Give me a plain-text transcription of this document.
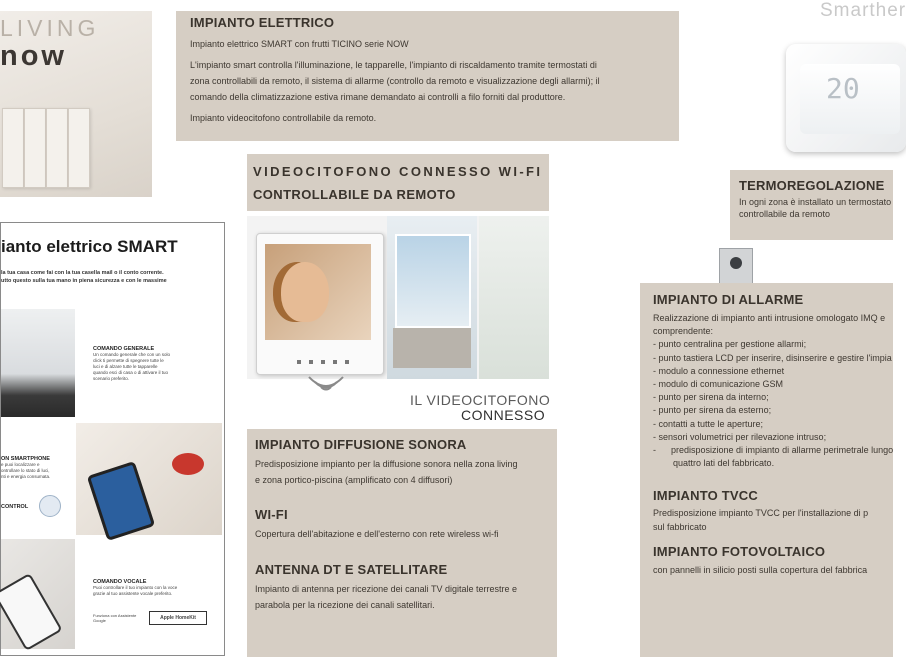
LIVING
now
IMPIANTO ELETTRICO

Impianto elettrico SMART con frutti TICINO serie NOW

L'impianto smart controlla l'illuminazione, le tapparelle, l'impianto di riscaldamento tramite termostati di

zona controllabili da remoto, il sistema di allarme (controllo da remoto e visualizzazione degli allarmi); il

comando della climatizzazione estiva rimane demandato ai controlli a filo forniti dal produttore.

Impianto videocitofono controllabile da remoto.

Smarther
20
TERMOREGOLAZIONE

In ogni zona è installato un termostato

controllabile da remoto

VIDEOCITOFONO CONNESSO WI-FI
CONTROLLABILE DA REMOTO
IL VIDEOCITOFONO
CONNESSO
ianto elettrico SMART
la tua casa come fai con la tua casella mail o il conto corrente.
utto questo sulla tua mano in piena sicurezza e con le massime
COMANDO GENERALE
Un comando generale che con un solo
click ti permette di spegnere tutte le
luci e di alzare tutte le tapparelle
quando esci di casa o di attivare il tuo
scenario preferito.
ON SMARTPHONE
e puoi localizzare e
ontrollare lo stato di luci,
nti e energia consumata.
CONTROL
COMANDO VOCALE
Puoi controllare il tuo impianto con la voce
grazie al tuo assistente vocale preferito.
Funziona con Assistente Google	Apple HomeKit
IMPIANTO DIFFUSIONE SONORA

Predisposizione impianto per la diffusione sonora nella zona living

e zona portico-piscina (amplificato con 4 diffusori)

WI-FI

Copertura dell'abitazione e dell'esterno con rete wireless wi-fi

ANTENNA DT E SATELLITARE

Impianto di antenna per ricezione dei canali TV digitale terrestre e

parabola per la ricezione dei canali satellitari.

IMPIANTO DI ALLARME

Realizzazione di impianto anti intrusione omologato IMQ e

comprendente:

- punto centralina per gestione allarmi;

- punto tastiera LCD per inserire, disinserire e gestire l'impia

- modulo a connessione ethernet

- modulo di comunicazione GSM

- punto per sirena da interno;

- punto per sirena da esterno;

- contatti a tutte le aperture;

- sensori volumetrici per rilevazione intruso;

-      predisposizione di impianto di allarme perimetrale lungo

quattro lati del fabbricato.

IMPIANTO TVCC

Predisposizione impianto TVCC per l'installazione di p

sul fabbricato

IMPIANTO FOTOVOLTAICO

con pannelli in silicio posti sulla copertura del fabbrica
